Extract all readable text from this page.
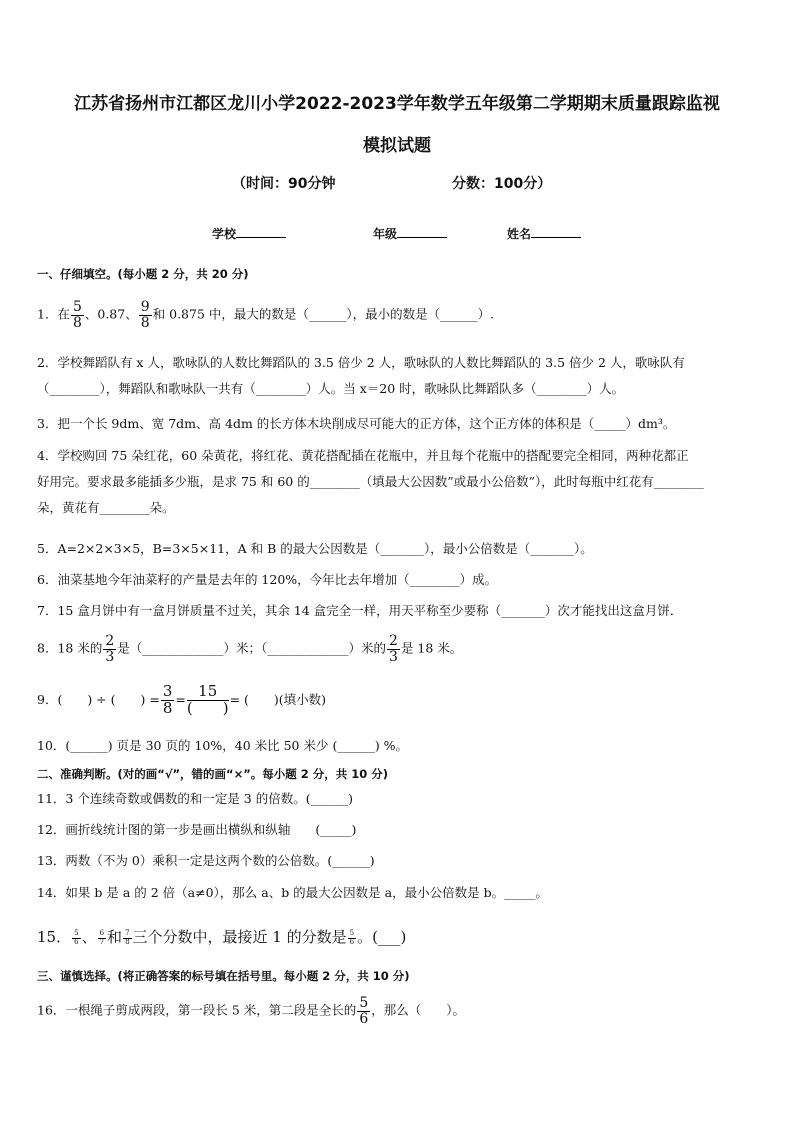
江苏省扬州市江都区龙川小学2022-2023学年数学五年级第二学期期末质量跟踪监视
模拟试题
（时间：90分钟	分数：100分）
学校	年级	姓名
一、仔细填空。(每小题 2 分，共 20 分)
1．在 $\frac{5}{8}$ 、0.87、 $\frac{9}{8}$ 和 0.875 中，最大的数是（______），最小的数是（______）.
2．学校舞蹈队有 x 人，歌咏队的人数比舞蹈队的 3.5 倍少 2 人，歌咏队的人数比舞蹈队的 3.5 倍少 2 人，歌咏队有
（________），舞蹈队和歌咏队一共有（________）人。当 x＝20 时，歌咏队比舞蹈队多（________）人。
3．把一个长 9dm、宽 7dm、高 4dm 的长方体木块削成尽可能大的正方体，这个正方体的体积是（_____）dm³。
4．学校购回 75 朵红花，60 朵黄花，将红花、黄花搭配插在花瓶中，并且每个花瓶中的搭配要完全相同，两种花都正
好用完。要求最多能插多少瓶，是求 75 和 60 的________（填最大公因数”或最小公倍数”），此时每瓶中红花有________
朵，黄花有________朵。
5．A=2×2×3×5，B=3×5×11，A 和 B 的最大公因数是（_______），最小公倍数是（_______）。
6．油菜基地今年油菜籽的产量是去年的 120%，今年比去年增加（________）成。
7．15 盒月饼中有一盒月饼质量不过关，其余 14 盒完全一样，用天平称至少要称（_______）次才能找出这盒月饼．
8．18 米的 $\frac{2}{3}$ 是（_____________）米；（_____________）米的 $\frac{2}{3}$ 是 18 米。
9．(　　) ÷ (　　) = $\frac{3}{8} = \frac{15}{( )}$ = (　　)(填小数)
10．(______) 页是 30 页的 10%，40 米比 50 米少 (______) %。
二、准确判断。(对的画“√”，错的画“×”。每小题 2 分，共 10 分)
11．3 个连续奇数或偶数的和一定是 3 的倍数。(______)
12．画折线统计图的第一步是画出横纵和纵轴　　(_____)
13．两数（不为 0）乘积一定是这两个数的公倍数。(______)
14．如果 b 是 a 的 2 倍（a≠0），那么 a、b 的最大公因数是 a，最小公倍数是 b。_____。
15． $\frac{5}{6}$ 、 $\frac{6}{7}$ 和 $\frac{7}{8}$ 三个分数中，最接近 1 的分数是 $\frac{5}{6}$ 。(___)
三、谨慎选择。(将正确答案的标号填在括号里。每小题 2 分，共 10 分)
16．一根绳子剪成两段，第一段长 5 米，第二段是全长的 $\frac{5}{6}$ ，那么（　　）。
